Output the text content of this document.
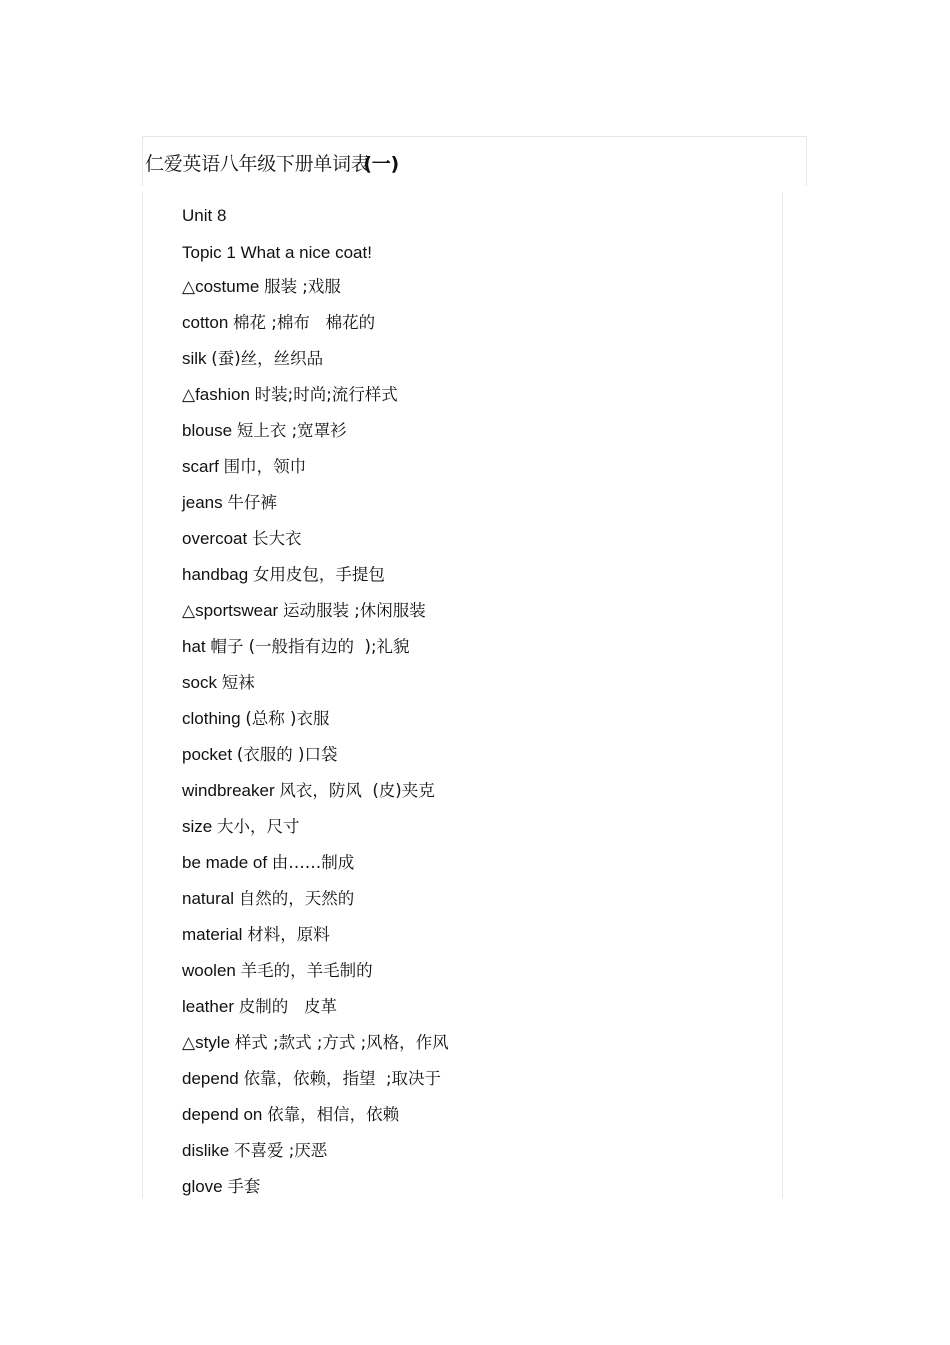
仁爱英语八年级下册单词表(一)
Unit 8
Topic 1 What a nice coat!
△costume 服装 ;戏服
cotton 棉花 ;棉布   棉花的
silk (蚕)丝，丝织品
△fashion 时装;时尚;流行样式
blouse 短上衣 ;宽罩衫
scarf 围巾，领巾
jeans 牛仔裤
overcoat 长大衣
handbag 女用皮包，手提包
△sportswear 运动服装 ;休闲服装
hat 帽子 (一般指有边的  );礼貌
sock 短袜
clothing (总称 )衣服
pocket (衣服的 )口袋
windbreaker 风衣，防风  (皮)夹克
size 大小，尺寸
be made of 由……制成
natural 自然的，天然的
material 材料，原料
woolen 羊毛的，羊毛制的
leather 皮制的   皮革
△style 样式 ;款式 ;方式 ;风格，作风
depend 依靠，依赖，指望  ;取决于
depend on 依靠，相信，依赖
dislike 不喜爱 ;厌恶
glove 手套
